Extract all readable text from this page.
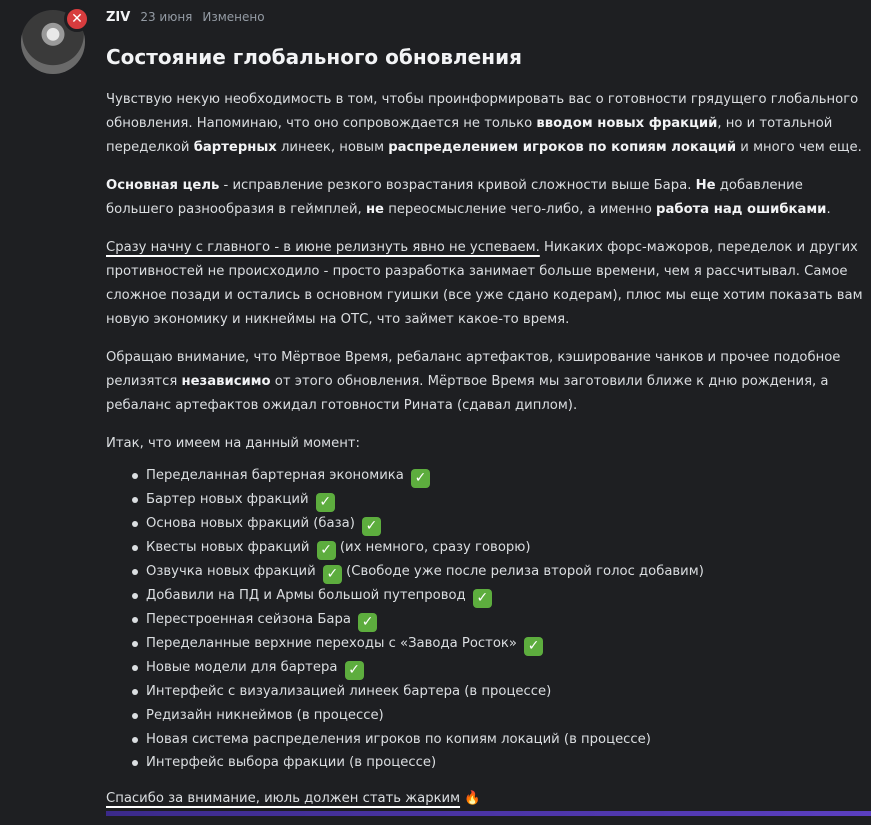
✕	ZIV 23 июня Изменено
Состояние глобального обновления

Чувствую некую необходимость в том, чтобы проинформировать вас о готовности грядущего глобального обновления. Напоминаю, что оно сопровождается не только вводом новых фракций, но и тотальной переделкой бартерных линеек, новым распределением игроков по копиям локаций и много чем еще.

Основная цель - исправление резкого возрастания кривой сложности выше Бара. Не добавление большего разнообразия в геймплей, не переосмысление чего-либо, а именно работа над ошибками.

Сразу начну с главного - в июне релизнуть явно не успеваем. Никаких форс-мажоров, переделок и других противностей не происходило - просто разработка занимает больше времени, чем я рассчитывал. Самое сложное позади и остались в основном гуишки (все уже сдано кодерам), плюс мы еще хотим показать вам новую экономику и никнеймы на ОТС, что займет какое-то время.

Обращаю внимание, что Мёртвое Время, ребаланс артефактов, кэширование чанков и прочее подобное релизятся независимо от этого обновления. Мёртвое Время мы заготовили ближе к дню рождения, а ребаланс артефактов ожидал готовности Рината (сдавал диплом).

Итак, что имеем на данный момент:

Переделанная бартерная экономика ✓
Бартер новых фракций ✓
Основа новых фракций (база) ✓
Квесты новых фракций ✓ (их немного, сразу говорю)
Озвучка новых фракций ✓ (Свободе уже после релиза второй голос добавим)
Добавили на ПД и Армы большой путепровод ✓
Перестроенная сейзона Бара ✓
Переделанные верхние переходы с «Завода Росток» ✓
Новые модели для бартера ✓
Интерфейс с визуализацией линеек бартера (в процессе)
Редизайн никнеймов (в процессе)
Новая система распределения игроков по копиям локаций (в процессе)
Интерфейс выбора фракции (в процессе)

Спасибо за внимание, июль должен стать жарким 🔥
